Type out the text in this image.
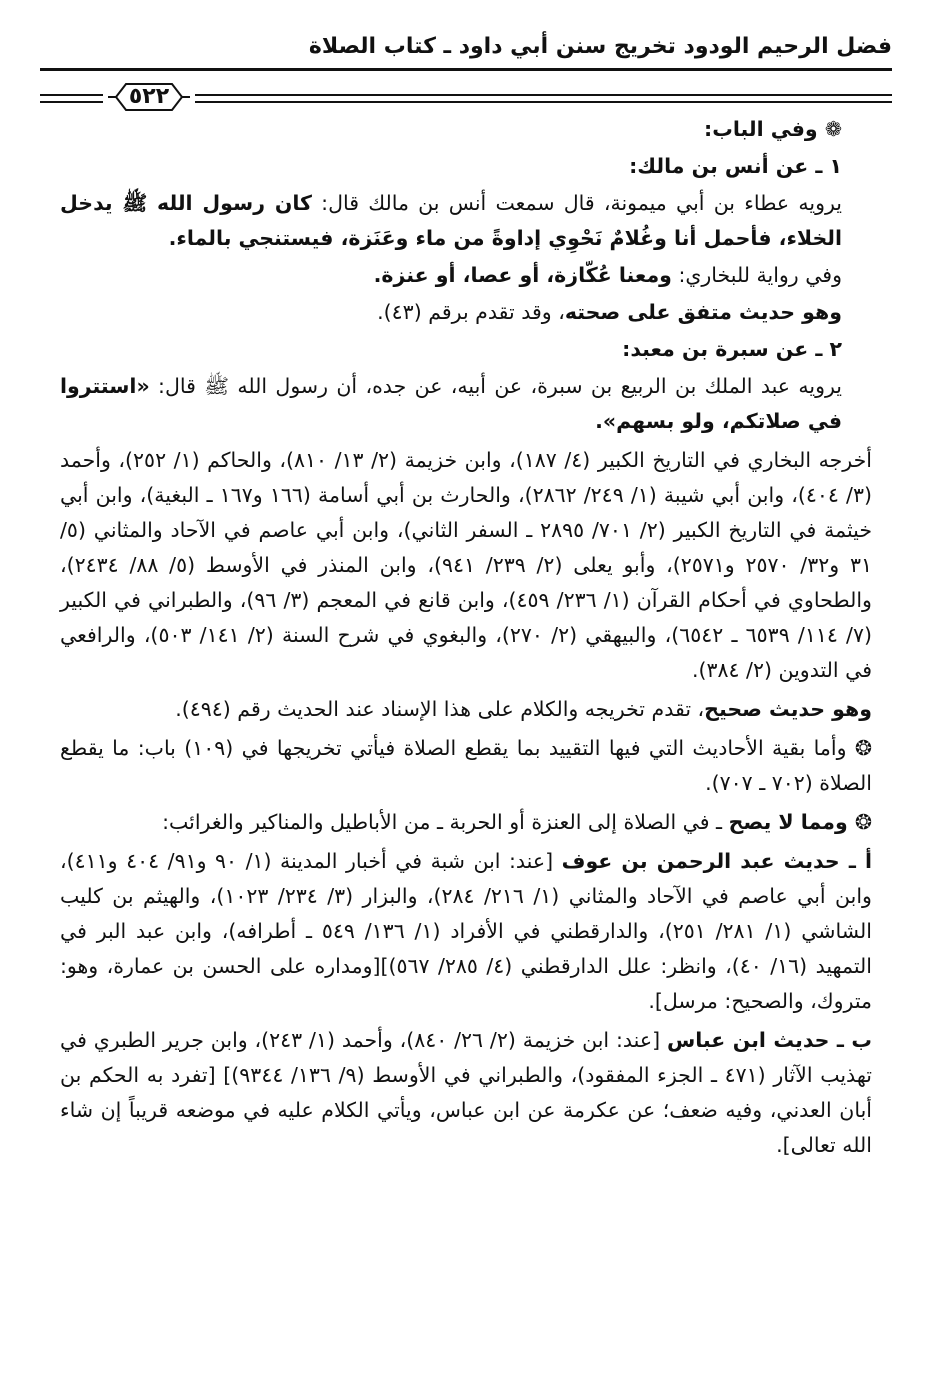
فضل الرحيم الودود تخريج سنن أبي داود ـ كتاب الصلاة
٥٢٢

❁ وفي الباب:

١ ـ عن أنس بن مالك:

يرويه عطاء بن أبي ميمونة، قال سمعت أنس بن مالك قال: كان رسول الله ﷺ يدخل الخلاء، فأحمل أنا وغُلامٌ نَحْوِي إداوةً من ماء وعَنَزة، فيستنجي بالماء.

وفي رواية للبخاري: ومعنا عُكّازة، أو عصا، أو عنزة.

وهو حديث متفق على صحته، وقد تقدم برقم (٤٣).

٢ ـ عن سبرة بن معبد:

يرويه عبد الملك بن الربيع بن سبرة، عن أبيه، عن جده، أن رسول الله ﷺ قال: «استتروا في صلاتكم، ولو بسهم».

أخرجه البخاري في التاريخ الكبير (٤/ ١٨٧)، وابن خزيمة (٢/ ١٣/ ٨١٠)، والحاكم (١/ ٢٥٢)، وأحمد (٣/ ٤٠٤)، وابن أبي شيبة (١/ ٢٤٩/ ٢٨٦٢)، والحارث بن أبي أسامة (١٦٦ و١٦٧ ـ البغية)، وابن أبي خيثمة في التاريخ الكبير (٢/ ٧٠١/ ٢٨٩٥ ـ السفر الثاني)، وابن أبي عاصم في الآحاد والمثاني (٥/ ٣١ و٣٢/ ٢٥٧٠ و٢٥٧١)، وأبو يعلى (٢/ ٢٣٩/ ٩٤١)، وابن المنذر في الأوسط (٥/ ٨٨/ ٢٤٣٤)، والطحاوي في أحكام القرآن (١/ ٢٣٦/ ٤٥٩)، وابن قانع في المعجم (٣/ ٩٦)، والطبراني في الكبير (٧/ ١١٤/ ٦٥٣٩ ـ ٦٥٤٢)، والبيهقي (٢/ ٢٧٠)، والبغوي في شرح السنة (٢/ ١٤١/ ٥٠٣)، والرافعي في التدوين (٢/ ٣٨٤).

وهو حديث صحيح، تقدم تخريجه والكلام على هذا الإسناد عند الحديث رقم (٤٩٤).

❂ وأما بقية الأحاديث التي فيها التقييد بما يقطع الصلاة فيأتي تخريجها في (١٠٩) باب: ما يقطع الصلاة (٧٠٢ ـ ٧٠٧).

❂ ومما لا يصح ـ في الصلاة إلى العنزة أو الحربة ـ من الأباطيل والمناكير والغرائب:

أ ـ حديث عبد الرحمن بن عوف [عند: ابن شبة في أخبار المدينة (١/ ٩٠ و٩١/ ٤٠٤ و٤١١)، وابن أبي عاصم في الآحاد والمثاني (١/ ٢١٦/ ٢٨٤)، والبزار (٣/ ٢٣٤/ ١٠٢٣)، والهيثم بن كليب الشاشي (١/ ٢٨١/ ٢٥١)، والدارقطني في الأفراد (١/ ١٣٦/ ٥٤٩ ـ أطرافه)، وابن عبد البر في التمهيد (١٦/ ٤٠)، وانظر: علل الدارقطني (٤/ ٢٨٥/ ٥٦٧)][ومداره على الحسن بن عمارة، وهو: متروك، والصحيح: مرسل].

ب ـ حديث ابن عباس [عند: ابن خزيمة (٢/ ٢٦/ ٨٤٠)، وأحمد (١/ ٢٤٣)، وابن جرير الطبري في تهذيب الآثار (٤٧١ ـ الجزء المفقود)، والطبراني في الأوسط (٩/ ١٣٦/ ٩٣٤٤)] [تفرد به الحكم بن أبان العدني، وفيه ضعف؛ عن عكرمة عن ابن عباس، ويأتي الكلام عليه في موضعه قريباً إن شاء الله تعالى].
